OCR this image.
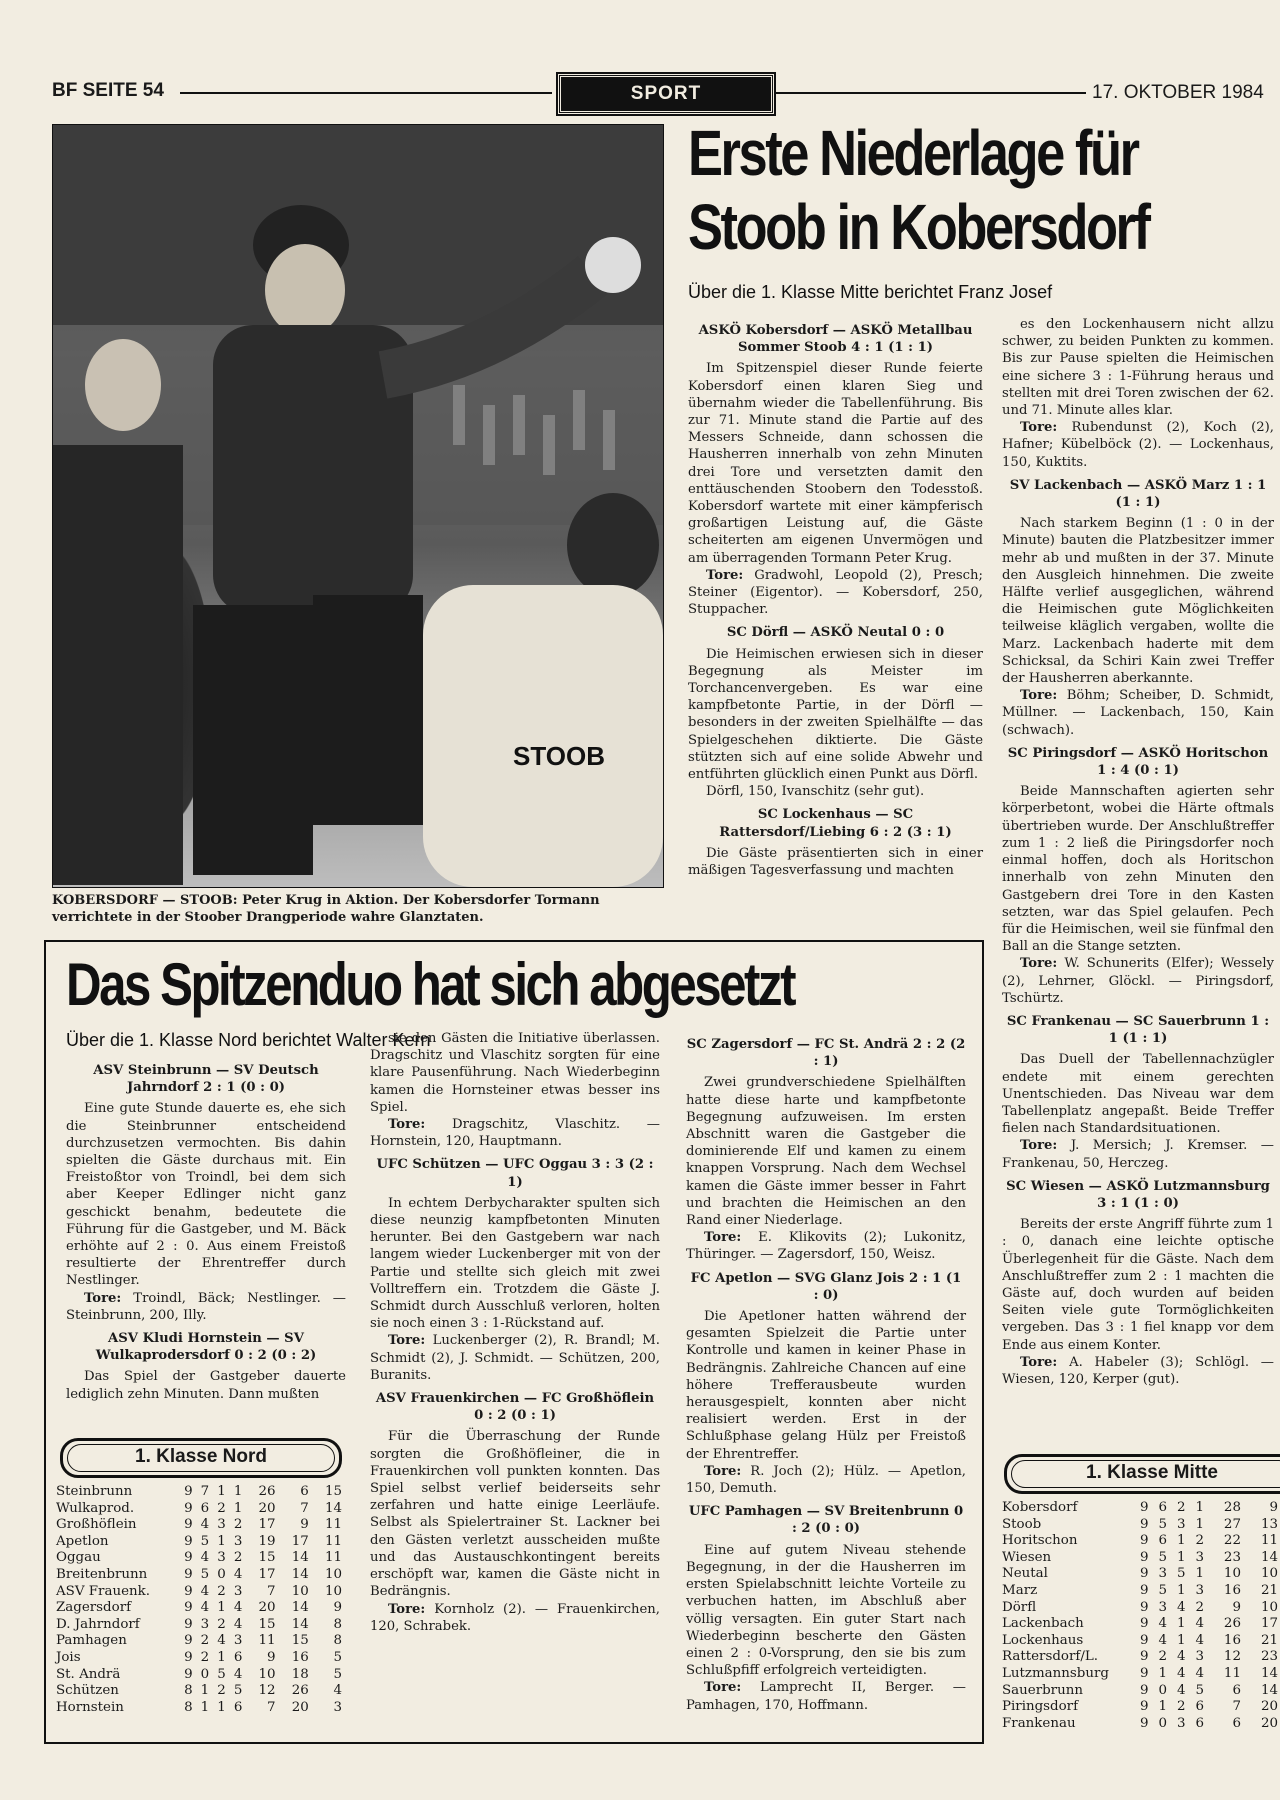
BF SEITE 54	SPORT	17. OKTOBER 1984
STOOB
KOBERSDORF — STOOB: Peter Krug in Aktion. Der Kobersdorfer Tormann verrichtete in der Stoober Drangperiode wahre Glanztaten.
Erste Niederlage für
Stoob in Kobersdorf
Über die 1. Klasse Mitte berichtet Franz Josef

ASKÖ Kobersdorf — ASKÖ Metallbau Sommer Stoob 4 : 1 (1 : 1)

Im Spitzenspiel dieser Runde feierte Kobersdorf einen klaren Sieg und übernahm wieder die Tabellenführung. Bis zur 71. Minute stand die Partie auf des Messers Schneide, dann schossen die Hausherren innerhalb von zehn Minuten drei Tore und versetzten damit den enttäuschenden Stoobern den Todesstoß. Kobersdorf wartete mit einer kämpferisch großartigen Leistung auf, die Gäste scheiterten am eigenen Unvermögen und am überragenden Tormann Peter Krug.

Tore: Gradwohl, Leopold (2), Presch; Steiner (Eigentor). — Kobersdorf, 250, Stuppacher.

SC Dörfl — ASKÖ Neutal 0 : 0

Die Heimischen erwiesen sich in dieser Begegnung als Meister im Torchancenvergeben. Es war eine kampfbetonte Partie, in der Dörfl — besonders in der zweiten Spielhälfte — das Spielgeschehen diktierte. Die Gäste stützten sich auf eine solide Abwehr und entführten glücklich einen Punkt aus Dörfl.

Dörfl, 150, Ivanschitz (sehr gut).

SC Lockenhaus — SC Rattersdorf/Liebing 6 : 2 (3 : 1)

Die Gäste präsentierten sich in einer mäßigen Tagesverfassung und machten

es den Lockenhausern nicht allzu schwer, zu beiden Punkten zu kommen. Bis zur Pause spielten die Heimischen eine sichere 3 : 1-Führung heraus und stellten mit drei Toren zwischen der 62. und 71. Minute alles klar.

Tore: Rubendunst (2), Koch (2), Hafner; Kübelböck (2). — Lockenhaus, 150, Kuktits.

SV Lackenbach — ASKÖ Marz 1 : 1 (1 : 1)

Nach starkem Beginn (1 : 0 in der Minute) bauten die Platzbesitzer immer mehr ab und mußten in der 37. Minute den Ausgleich hinnehmen. Die zweite Hälfte verlief ausgeglichen, während die Heimischen gute Möglichkeiten teilweise kläglich vergaben, wollte die Marz. Lackenbach haderte mit dem Schicksal, da Schiri Kain zwei Treffer der Hausherren aberkannte.

Tore: Böhm; Scheiber, D. Schmidt, Müllner. — Lackenbach, 150, Kain (schwach).

SC Piringsdorf — ASKÖ Horitschon 1 : 4 (0 : 1)

Beide Mannschaften agierten sehr körperbetont, wobei die Härte oftmals übertrieben wurde. Der Anschlußtreffer zum 1 : 2 ließ die Piringsdorfer noch einmal hoffen, doch als Horitschon innerhalb von zehn Minuten den Gastgebern drei Tore in den Kasten setzten, war das Spiel gelaufen. Pech für die Heimischen, weil sie fünfmal den Ball an die Stange setzten.

Tore: W. Schunerits (Elfer); Wessely (2), Lehrner, Glöckl. — Piringsdorf, Tschürtz.

SC Frankenau — SC Sauerbrunn 1 : 1 (1 : 1)

Das Duell der Tabellennachzügler endete mit einem gerechten Unentschieden. Das Niveau war dem Tabellenplatz angepaßt. Beide Treffer fielen nach Standardsituationen.

Tore: J. Mersich; J. Kremser. — Frankenau, 50, Herczeg.

SC Wiesen — ASKÖ Lutzmannsburg 3 : 1 (1 : 0)

Bereits der erste Angriff führte zum 1 : 0, danach eine leichte optische Überlegenheit für die Gäste. Nach dem Anschlußtreffer zum 2 : 1 machten die Gäste auf, doch wurden auf beiden Seiten viele gute Tormöglichkeiten vergeben. Das 3 : 1 fiel knapp vor dem Ende aus einem Konter.

Tore: A. Habeler (3); Schlögl. — Wiesen, 120, Kerper (gut).

Das Spitzenduo hat sich abgesetzt
Über die 1. Klasse Nord berichtet Walter Kern

ASV Steinbrunn — SV Deutsch Jahrndorf 2 : 1 (0 : 0)

Eine gute Stunde dauerte es, ehe sich die Steinbrunner entscheidend durchzusetzen vermochten. Bis dahin spielten die Gäste durchaus mit. Ein Freistoßtor von Troindl, bei dem sich aber Keeper Edlinger nicht ganz geschickt benahm, bedeutete die Führung für die Gastgeber, und M. Bäck erhöhte auf 2 : 0. Aus einem Freistoß resultierte der Ehrentreffer durch Nestlinger.

Tore: Troindl, Bäck; Nestlinger. — Steinbrunn, 200, Illy.

ASV Kludi Hornstein — SV Wulkaprodersdorf 0 : 2 (0 : 2)

Das Spiel der Gastgeber dauerte lediglich zehn Minuten. Dann mußten

sie den Gästen die Initiative überlassen. Dragschitz und Vlaschitz sorgten für eine klare Pausenführung. Nach Wiederbeginn kamen die Hornsteiner etwas besser ins Spiel.

Tore: Dragschitz, Vlaschitz. — Hornstein, 120, Hauptmann.

UFC Schützen — UFC Oggau 3 : 3 (2 : 1)

In echtem Derbycharakter spulten sich diese neunzig kampfbetonten Minuten herunter. Bei den Gastgebern war nach langem wieder Luckenberger mit von der Partie und stellte sich gleich mit zwei Volltreffern ein. Trotzdem die Gäste J. Schmidt durch Ausschluß verloren, holten sie noch einen 3 : 1-Rückstand auf.

Tore: Luckenberger (2), R. Brandl; M. Schmidt (2), J. Schmidt. — Schützen, 200, Buranits.

ASV Frauenkirchen — FC Großhöflein 0 : 2 (0 : 1)

Für die Überraschung der Runde sorgten die Großhöfleiner, die in Frauenkirchen voll punkten konnten. Das Spiel selbst verlief beiderseits sehr zerfahren und hatte einige Leerläufe. Selbst als Spielertrainer St. Lackner bei den Gästen verletzt ausscheiden mußte und das Austauschkontingent bereits erschöpft war, kamen die Gäste nicht in Bedrängnis.

Tore: Kornholz (2). — Frauenkirchen, 120, Schrabek.

SC Zagersdorf — FC St. Andrä 2 : 2 (2 : 1)

Zwei grundverschiedene Spielhälften hatte diese harte und kampfbetonte Begegnung aufzuweisen. Im ersten Abschnitt waren die Gastgeber die dominierende Elf und kamen zu einem knappen Vorsprung. Nach dem Wechsel kamen die Gäste immer besser in Fahrt und brachten die Heimischen an den Rand einer Niederlage.

Tore: E. Klikovits (2); Lukonitz, Thüringer. — Zagersdorf, 150, Weisz.

FC Apetlon — SVG Glanz Jois 2 : 1 (1 : 0)

Die Apetloner hatten während der gesamten Spielzeit die Partie unter Kontrolle und kamen in keiner Phase in Bedrängnis. Zahlreiche Chancen auf eine höhere Trefferausbeute wurden herausgespielt, konnten aber nicht realisiert werden. Erst in der Schlußphase gelang Hülz per Freistoß der Ehrentreffer.

Tore: R. Joch (2); Hülz. — Apetlon, 150, Demuth.

UFC Pamhagen — SV Breitenbrunn 0 : 2 (0 : 0)

Eine auf gutem Niveau stehende Begegnung, in der die Hausherren im ersten Spielabschnitt leichte Vorteile zu verbuchen hatten, im Abschluß aber völlig versagten. Ein guter Start nach Wiederbeginn bescherte den Gästen einen 2 : 0-Vorsprung, den sie bis zum Schlußpfiff erfolgreich verteidigten.

Tore: Lamprecht II, Berger. — Pamhagen, 170, Hoffmann.

1. Klasse Nord
Steinbrunn	9	7	1	1	26	6	15
Wulkaprod.	9	6	2	1	20	7	14
Großhöflein	9	4	3	2	17	9	11
Apetlon	9	5	1	3	19	17	11
Oggau	9	4	3	2	15	14	11
Breitenbrunn	9	5	0	4	17	14	10
ASV Frauenk.	9	4	2	3	7	10	10
Zagersdorf	9	4	1	4	20	14	9
D. Jahrndorf	9	3	2	4	15	14	8
Pamhagen	9	2	4	3	11	15	8
Jois	9	2	1	6	9	16	5
St. Andrä	9	0	5	4	10	18	5
Schützen	8	1	2	5	12	26	4
Hornstein	8	1	1	6	7	20	3
1. Klasse Mitte
Kobersdorf	9	6	2	1	28	9
Stoob	9	5	3	1	27	13
Horitschon	9	6	1	2	22	11
Wiesen	9	5	1	3	23	14
Neutal	9	3	5	1	10	10
Marz	9	5	1	3	16	21
Dörfl	9	3	4	2	9	10
Lackenbach	9	4	1	4	26	17
Lockenhaus	9	4	1	4	16	21
Rattersdorf/L.	9	2	4	3	12	23
Lutzmannsburg	9	1	4	4	11	14
Sauerbrunn	9	0	4	5	6	14
Piringsdorf	9	1	2	6	7	20
Frankenau	9	0	3	6	6	20
